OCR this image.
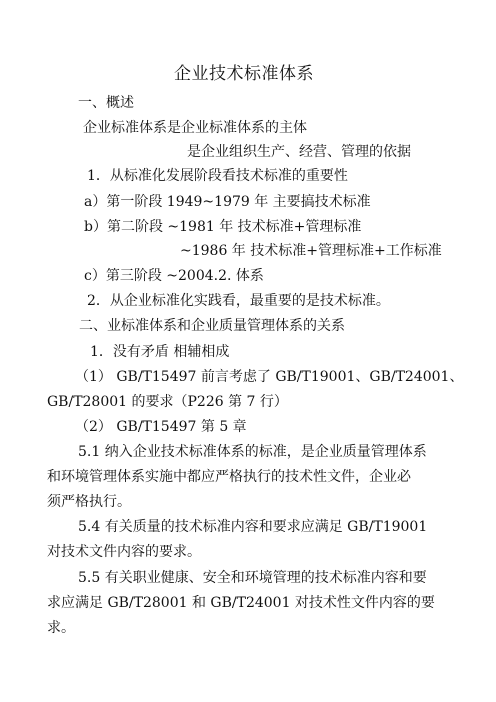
企业技术标准体系
一、概述
企业标准体系是企业标准体系的主体
是企业组织生产、经营、管理的依据
1．从标准化发展阶段看技术标准的重要性
a）第一阶段 1949~1979 年 主要搞技术标准
b）第二阶段 ~1981 年 技术标准+管理标准
~1986 年 技术标准+管理标准+工作标准
c）第三阶段 ~2004.2. 体系
2．从企业标准化实践看，最重要的是技术标准。
二、业标准体系和企业质量管理体系的关系
1．没有矛盾 相辅相成
（1） GB/T15497 前言考虑了 GB/T19001、GB/T24001、
GB/T28001 的要求（P226 第 7 行）
（2） GB/T15497 第 5 章
5.1 纳入企业技术标准体系的标准，是企业质量管理体系
和环境管理体系实施中都应严格执行的技术性文件，企业必
须严格执行。
5.4 有关质量的技术标准内容和要求应满足 GB/T19001
对技术文件内容的要求。
5.5 有关职业健康、安全和环境管理的技术标准内容和要
求应满足 GB/T28001 和 GB/T24001 对技术性文件内容的要
求。
